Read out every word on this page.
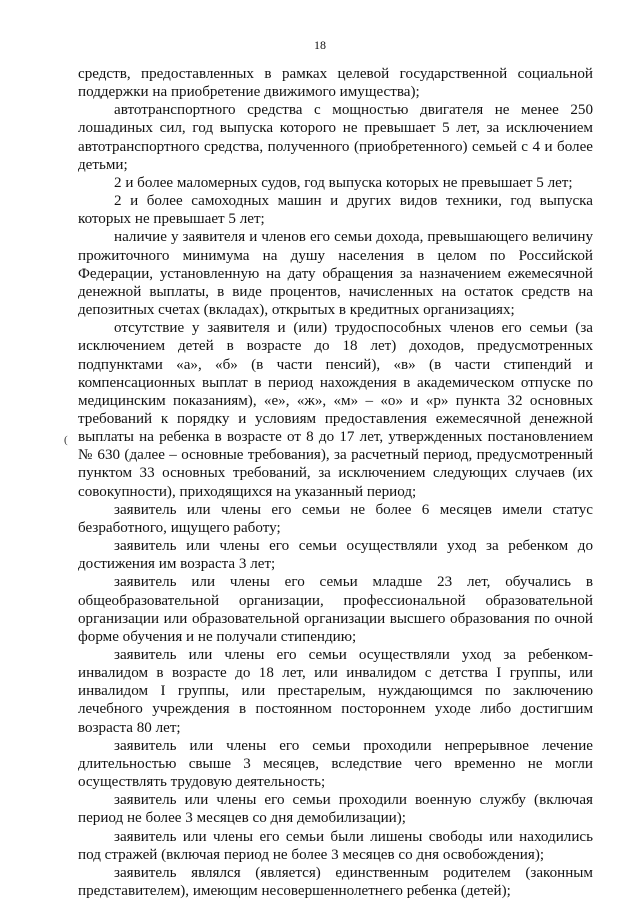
18
(

средств, предоставленных в рамках целевой государственной социальной поддержки на приобретение движимого имущества);

автотранспортного средства с мощностью двигателя не менее 250 лошадиных сил, год выпуска которого не превышает 5 лет, за исключением автотранспортного средства, полученного (приобретенного) семьей с 4 и более детьми;

2 и более маломерных судов, год выпуска которых не превышает 5 лет;

2 и более самоходных машин и других видов техники, год выпуска которых не превышает 5 лет;

наличие у заявителя и членов его семьи дохода, превышающего величину прожиточного минимума на душу населения в целом по Российской Федерации, установленную на дату обращения за назначением ежемесячной денежной выплаты, в виде процентов, начисленных на остаток средств на депозитных счетах (вкладах), открытых в кредитных организациях;

отсутствие у заявителя и (или) трудоспособных членов его семьи (за исключением детей в возрасте до 18 лет) доходов, предусмотренных подпунктами «а», «б» (в части пенсий), «в» (в части стипендий и компенсационных выплат в период нахождения в академическом отпуске по медицинским показаниям), «е», «ж», «м» – «о» и «р» пункта 32 основных требований к порядку и условиям предоставления ежемесячной денежной выплаты на ребенка в возрасте от 8 до 17 лет, утвержденных постановлением № 630 (далее – основные требования), за расчетный период, предусмотренный пунктом 33 основных требований, за исключением следующих случаев (их совокупности), приходящихся на указанный период;

заявитель или члены его семьи не более 6 месяцев имели статус безработного, ищущего работу;

заявитель или члены его семьи осуществляли уход за ребенком до достижения им возраста 3 лет;

заявитель или члены его семьи младше 23 лет, обучались в общеобразовательной организации, профессиональной образовательной организации или образовательной организации высшего образования по очной форме обучения и не получали стипендию;

заявитель или члены его семьи осуществляли уход за ребенком-инвалидом в возрасте до 18 лет, или инвалидом с детства I группы, или инвалидом I группы, или престарелым, нуждающимся по заключению лечебного учреждения в постоянном постороннем уходе либо достигшим возраста 80 лет;

заявитель или члены его семьи проходили непрерывное лечение длительностью свыше 3 месяцев, вследствие чего временно не могли осуществлять трудовую деятельность;

заявитель или члены его семьи проходили военную службу (включая период не более 3 месяцев со дня демобилизации);

заявитель или члены его семьи были лишены свободы или находились под стражей (включая период не более 3 месяцев со дня освобождения);

заявитель являлся (является) единственным родителем (законным представителем), имеющим несовершеннолетнего ребенка (детей);
